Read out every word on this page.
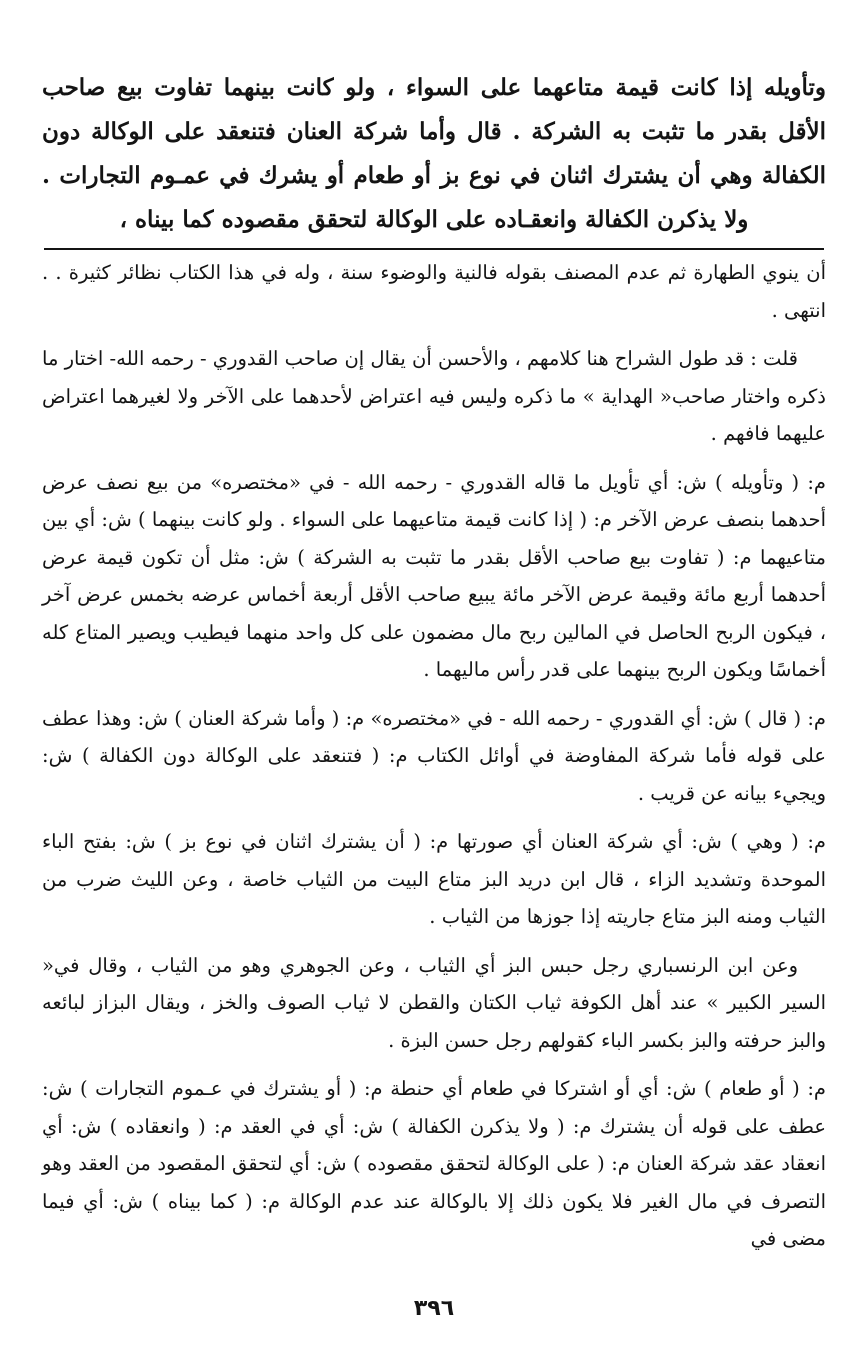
وتأويله إذا كانت قيمة متاعهما على السواء ، ولو كانت بينهما تفاوت بيع صاحب الأقل بقدر ما تثبت به الشركة . قال وأما شركة العنان فتنعقد على الوكالة دون الكفالة وهي أن يشترك اثنان في نوع بز أو طعام أو يشرك في عمـوم التجارات . ولا يذكرن الكفالة وانعقـاده على الوكالة لتحقق مقصوده كما بيناه ،

أن ينوي الطهارة ثم عدم المصنف بقوله فالنية والوضوء سنة ، وله في هذا الكتاب نظائر كثيرة . . انتهى .

قلت : قد طول الشراح هنا كلامهم ، والأحسن أن يقال إن صاحب القدوري - رحمه الله- اختار ما ذكره واختار صاحب« الهداية » ما ذكره وليس فيه اعتراض لأحدهما على الآخر ولا لغيرهما اعتراض عليهما فافهم .

م: ( وتأويله ) ش: أي تأويل ما قاله القدوري - رحمه الله - في «مختصره» من بيع نصف عرض أحدهما بنصف عرض الآخر م: ( إذا كانت قيمة متاعيهما على السواء . ولو كانت بينهما ) ش: أي بين متاعيهما م: ( تفاوت بيع صاحب الأقل بقدر ما تثبت به الشركة ) ش: مثل أن تكون قيمة عرض أحدهما أربع مائة وقيمة عرض الآخر مائة يبيع صاحب الأقل أربعة أخماس عرضه بخمس عرض آخر ، فيكون الربح الحاصل في المالين ربح مال مضمون على كل واحد منهما فيطيب ويصير المتاع كله أخماسًا ويكون الربح بينهما على قدر رأس ماليهما .

م: ( قال ) ش: أي القدوري - رحمه الله - في «مختصره» م: ( وأما شركة العنان ) ش: وهذا عطف على قوله فأما شركة المفاوضة في أوائل الكتاب م: ( فتنعقد على الوكالة دون الكفالة ) ش: ويجيء بيانه عن قريب .

م: ( وهي ) ش: أي شركة العنان أي صورتها م: ( أن يشترك اثنان في نوع بز ) ش: بفتح الباء الموحدة وتشديد الزاء ، قال ابن دريد البز متاع البيت من الثياب خاصة ، وعن الليث ضرب من الثياب ومنه البز متاع جاريته إذا جوزها من الثياب .

وعن ابن الرنسباري رجل حبس البز أي الثياب ، وعن الجوهري وهو من الثياب ، وقال في« السير الكبير » عند أهل الكوفة ثياب الكتان والقطن لا ثياب الصوف والخز ، ويقال البزاز لبائعه والبز حرفته والبز بكسر الباء كقولهم رجل حسن البزة .

م: ( أو طعام ) ش: أي أو اشتركا في طعام أي حنطة م: ( أو يشترك في عـموم التجارات ) ش: عطف على قوله أن يشترك م: ( ولا يذكرن الكفالة ) ش: أي في العقد م: ( وانعقاده ) ش: أي انعقاد عقد شركة العنان م: ( على الوكالة لتحقق مقصوده ) ش: أي لتحقق المقصود من العقد وهو التصرف في مال الغير فلا يكون ذلك إلا بالوكالة عند عدم الوكالة م: ( كما بيناه ) ش: أي فيما مضى في

٣٩٦
